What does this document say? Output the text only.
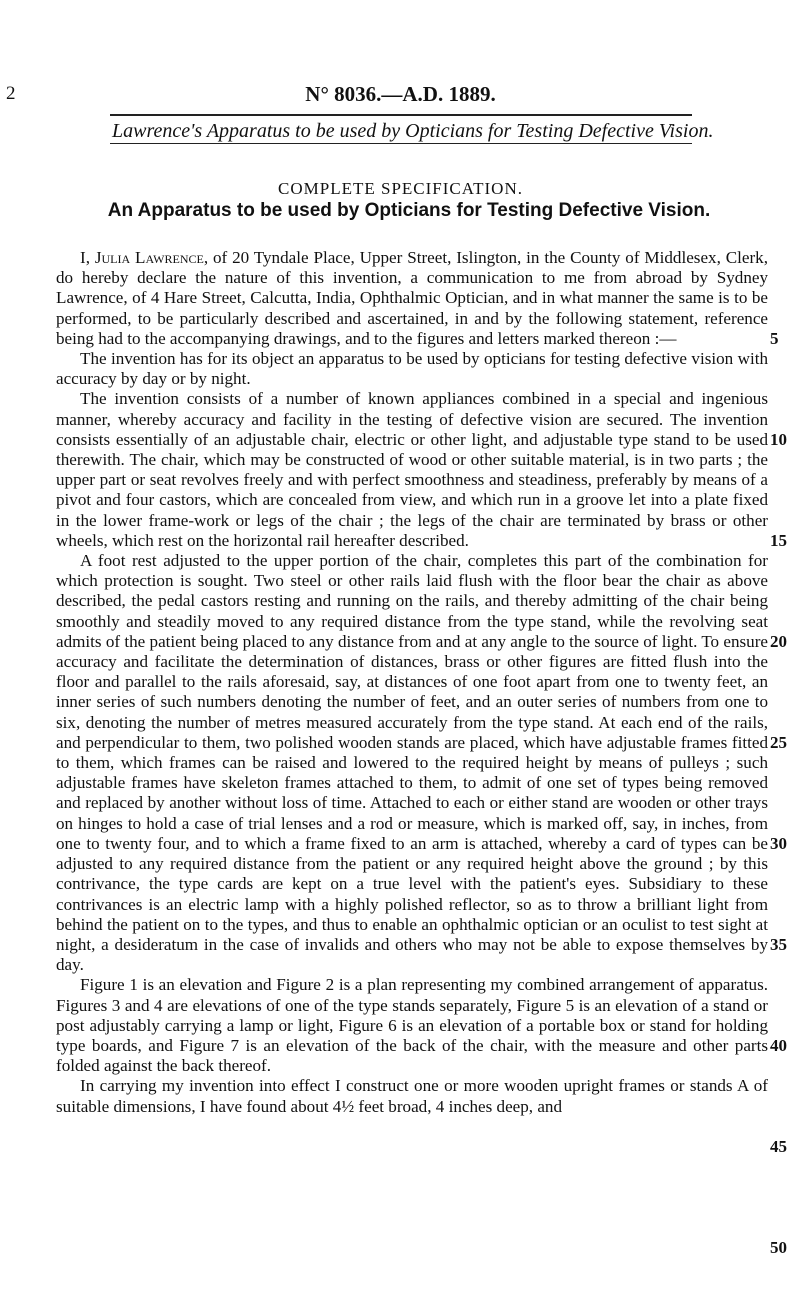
2	N° 8036.—A.D. 1889.
Lawrence's Apparatus to be used by Opticians for Testing Defective Vision.
COMPLETE SPECIFICATION.
An Apparatus to be used by Opticians for Testing Defective Vision.

I, Julia Lawrence, of 20 Tyndale Place, Upper Street, Islington, in the County of Middlesex, Clerk, do hereby declare the nature of this invention, a communication to me from abroad by Sydney Lawrence, of 4 Hare Street, Calcutta, India, Ophthalmic Optician, and in what manner the same is to be performed, to be particularly described and ascertained, in and by the following statement, reference being had to the accompanying drawings, and to the figures and letters marked thereon :—

The invention has for its object an apparatus to be used by opticians for testing defective vision with accuracy by day or by night.

The invention consists of a number of known appliances combined in a special and ingenious manner, whereby accuracy and facility in the testing of defective vision are secured. The invention consists essentially of an adjustable chair, electric or other light, and adjustable type stand to be used therewith. The chair, which may be constructed of wood or other suitable material, is in two parts ; the upper part or seat revolves freely and with perfect smoothness and steadiness, preferably by means of a pivot and four castors, which are concealed from view, and which run in a groove let into a plate fixed in the lower frame-work or legs of the chair ; the legs of the chair are terminated by brass or other wheels, which rest on the horizontal rail hereafter described.

A foot rest adjusted to the upper portion of the chair, completes this part of the combination for which protection is sought. Two steel or other rails laid flush with the floor bear the chair as above described, the pedal castors resting and running on the rails, and thereby admitting of the chair being smoothly and steadily moved to any required distance from the type stand, while the revolving seat admits of the patient being placed to any distance from and at any angle to the source of light. To ensure accuracy and facilitate the determination of distances, brass or other figures are fitted flush into the floor and parallel to the rails aforesaid, say, at distances of one foot apart from one to twenty feet, an inner series of such numbers denoting the number of feet, and an outer series of numbers from one to six, denoting the number of metres measured accurately from the type stand. At each end of the rails, and perpendicular to them, two polished wooden stands are placed, which have adjustable frames fitted to them, which frames can be raised and lowered to the required height by means of pulleys ; such adjustable frames have skeleton frames attached to them, to admit of one set of types being removed and replaced by another without loss of time. Attached to each or either stand are wooden or other trays on hinges to hold a case of trial lenses and a rod or measure, which is marked off, say, in inches, from one to twenty four, and to which a frame fixed to an arm is attached, whereby a card of types can be adjusted to any required distance from the patient or any required height above the ground ; by this contrivance, the type cards are kept on a true level with the patient's eyes. Subsidiary to these contrivances is an electric lamp with a highly polished reflector, so as to throw a brilliant light from behind the patient on to the types, and thus to enable an ophthalmic optician or an oculist to test sight at night, a desideratum in the case of invalids and others who may not be able to expose themselves by day.

Figure 1 is an elevation and Figure 2 is a plan representing my combined arrangement of apparatus. Figures 3 and 4 are elevations of one of the type stands separately, Figure 5 is an elevation of a stand or post adjustably carrying a lamp or light, Figure 6 is an elevation of a portable box or stand for holding type boards, and Figure 7 is an elevation of the back of the chair, with the measure and other parts folded against the back thereof.

In carrying my invention into effect I construct one or more wooden upright frames or stands A of suitable dimensions, I have found about 4½ feet broad, 4 inches deep, and

5
10
15
20
25
30
35
40
45
50
